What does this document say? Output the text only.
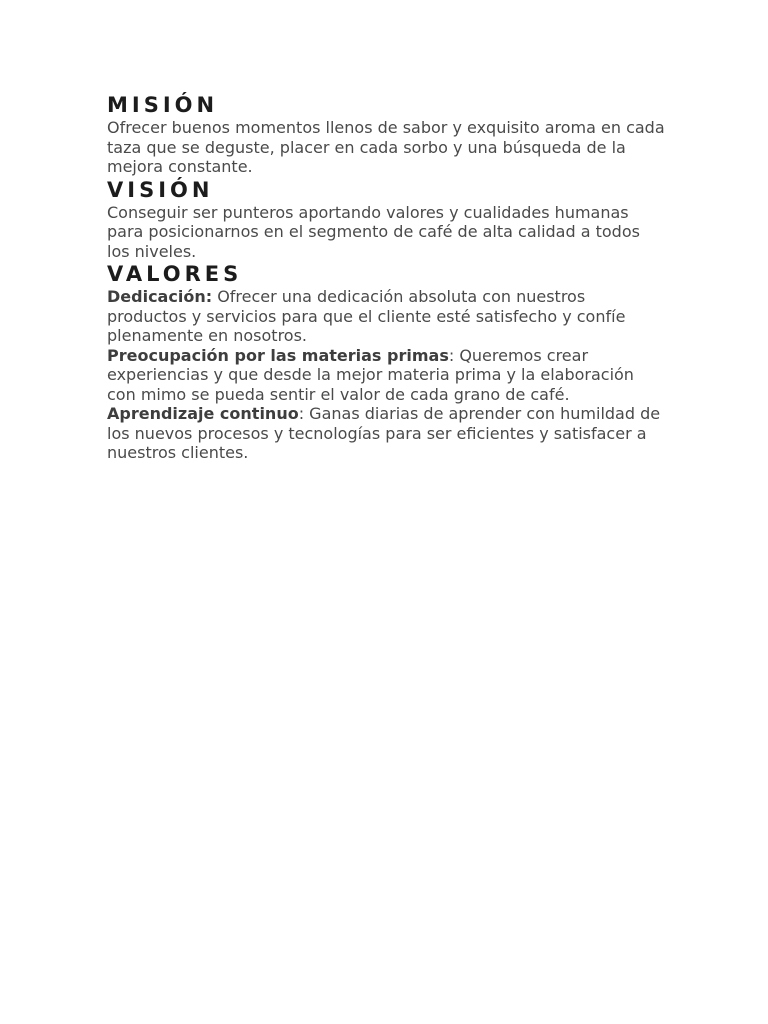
MISIÓN

Ofrecer buenos momentos llenos de sabor y exquisito aroma en cada taza que se deguste, placer en cada sorbo y una búsqueda de la mejora constante.

VISIÓN

Conseguir ser punteros aportando valores y cualidades humanas para posicionarnos en el segmento de café de alta calidad a todos los niveles.

VALORES

Dedicación: Ofrecer una dedicación absoluta con nuestros productos y servicios para que el cliente esté satisfecho y confíe plenamente en nosotros.

Preocupación por las materias primas: Queremos crear experiencias y que desde la mejor materia prima y la elaboración con mimo se pueda sentir el valor de cada grano de café.

Aprendizaje continuo: Ganas diarias de aprender con humildad de los nuevos procesos y tecnologías para ser eficientes y satisfacer a nuestros clientes.
